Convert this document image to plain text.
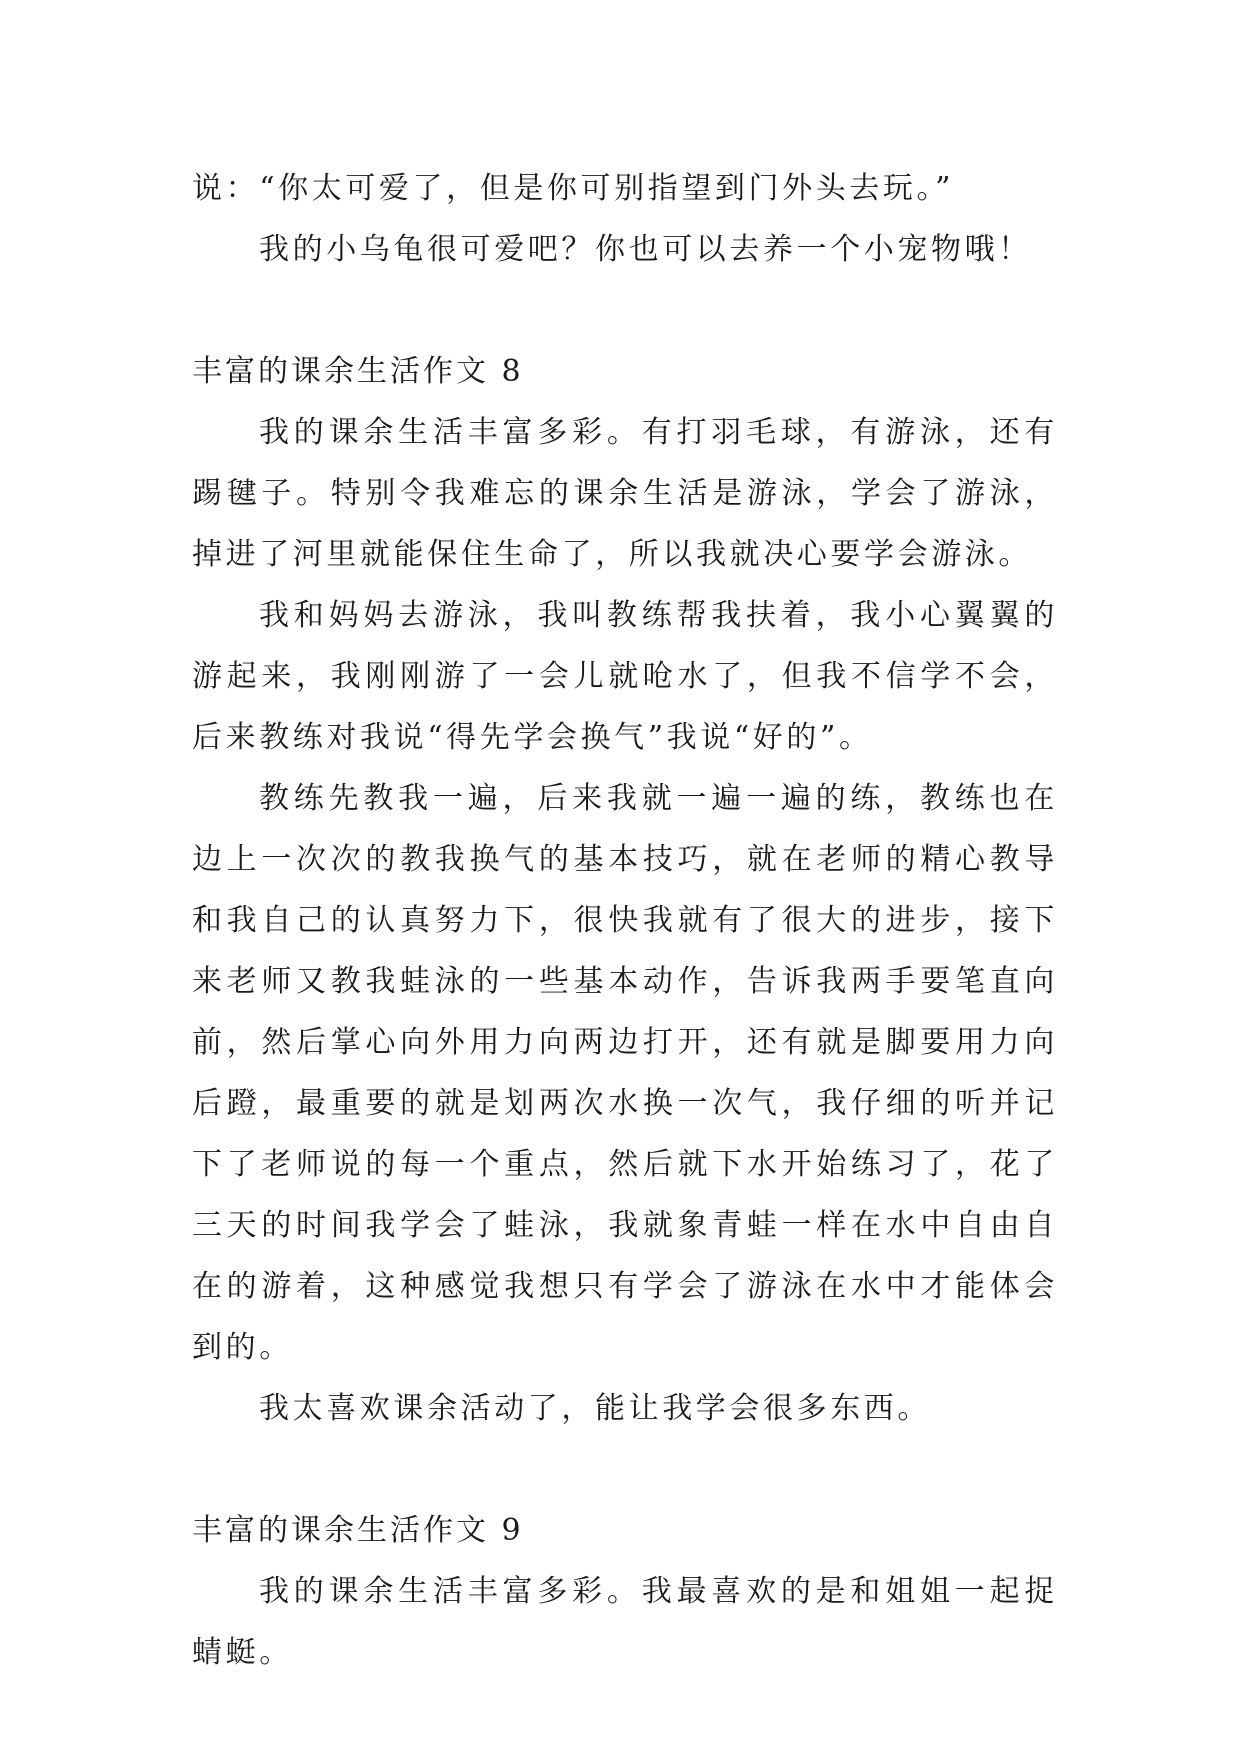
说：“你太可爱了，但是你可别指望到门外头去玩。”

我的小乌龟很可爱吧？你也可以去养一个小宠物哦！

丰富的课余生活作文 8

我的课余生活丰富多彩。有打羽毛球，有游泳，还有踢毽子。特别令我难忘的课余生活是游泳，学会了游泳，掉进了河里就能保住生命了，所以我就决心要学会游泳。

我和妈妈去游泳，我叫教练帮我扶着，我小心翼翼的游起来，我刚刚游了一会儿就呛水了，但我不信学不会，后来教练对我说“得先学会换气”我说“好的”。

教练先教我一遍，后来我就一遍一遍的练，教练也在边上一次次的教我换气的基本技巧，就在老师的精心教导和我自己的认真努力下，很快我就有了很大的进步，接下来老师又教我蛙泳的一些基本动作，告诉我两手要笔直向前，然后掌心向外用力向两边打开，还有就是脚要用力向后蹬，最重要的就是划两次水换一次气，我仔细的听并记下了老师说的每一个重点，然后就下水开始练习了，花了三天的时间我学会了蛙泳，我就象青蛙一样在水中自由自在的游着，这种感觉我想只有学会了游泳在水中才能体会到的。

我太喜欢课余活动了，能让我学会很多东西。

丰富的课余生活作文 9

我的课余生活丰富多彩。我最喜欢的是和姐姐一起捉蜻蜓。
